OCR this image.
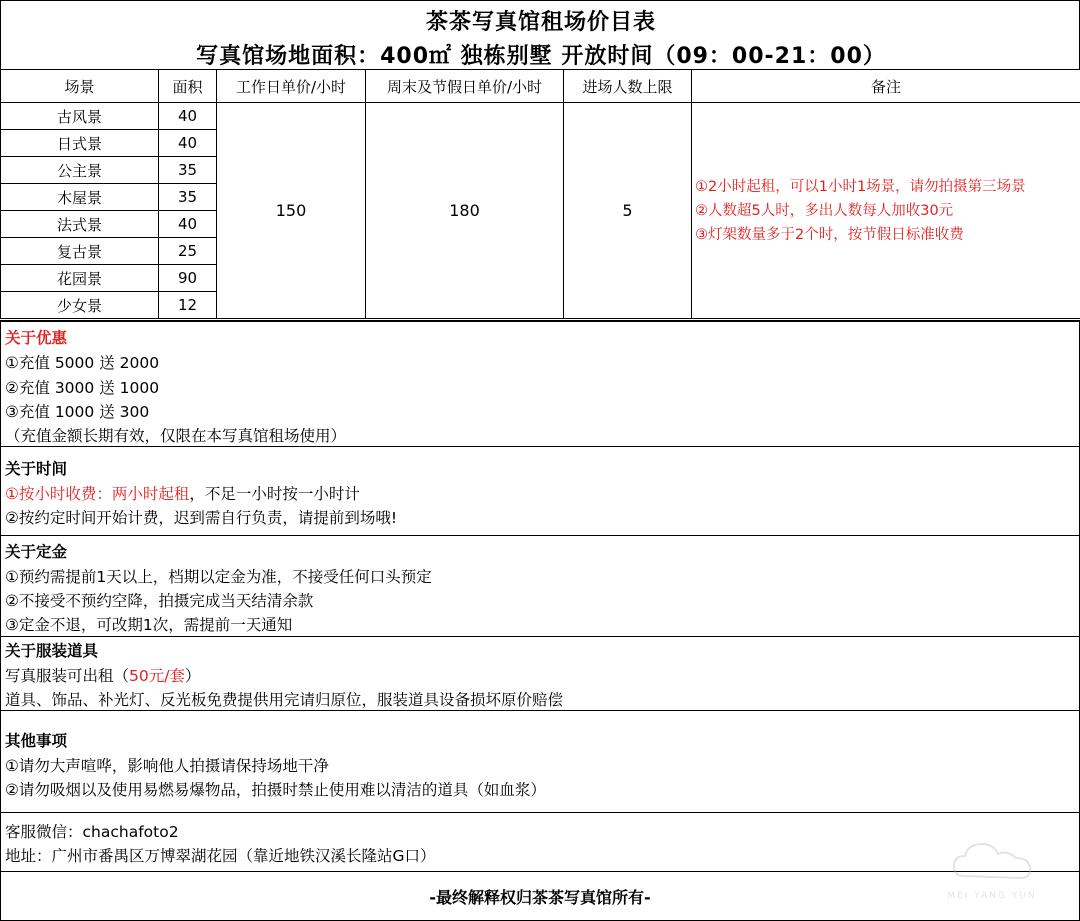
茶茶写真馆租场价目表
写真馆场地面积：400㎡ 独栋别墅 开放时间（09：00-21：00）
场景	面积	工作日单价/小时	周末及节假日单价/小时	进场人数上限	备注
古风景	40	150	180	5	①2小时起租，可以1小时1场景，请勿拍摄第三场景
②人数超5人时，多出人数每人加收30元
③灯架数量多于2个时，按节假日标准收费

日式景	40				
公主景	35				
木屋景	35				
法式景	40				
复古景	25				
花园景	90				
少女景	12				
关于优惠
①充值 5000 送 2000
②充值 3000 送 1000
③充值 1000 送 300
（充值金额长期有效，仅限在本写真馆租场使用）
关于时间
①按小时收费：两小时起租，不足一小时按一小时计
②按约定时间开始计费，迟到需自行负责，请提前到场哦!
关于定金
①预约需提前1天以上，档期以定金为准，不接受任何口头预定
②不接受不预约空降，拍摄完成当天结清余款
③定金不退，可改期1次，需提前一天通知
关于服装道具
写真服装可出租（50元/套）
道具、饰品、补光灯、反光板免费提供用完请归原位，服装道具设备损坏原价赔偿
其他事项
①请勿大声喧哗，影响他人拍摄请保持场地干净
②请勿吸烟以及使用易燃易爆物品，拍摄时禁止使用难以清洁的道具（如血浆）
客服微信：chachafoto2
地址：广州市番禺区万博翠湖花园（靠近地铁汉溪长隆站G口）
-最终解释权归茶茶写真馆所有-	MEI YANG YUN
